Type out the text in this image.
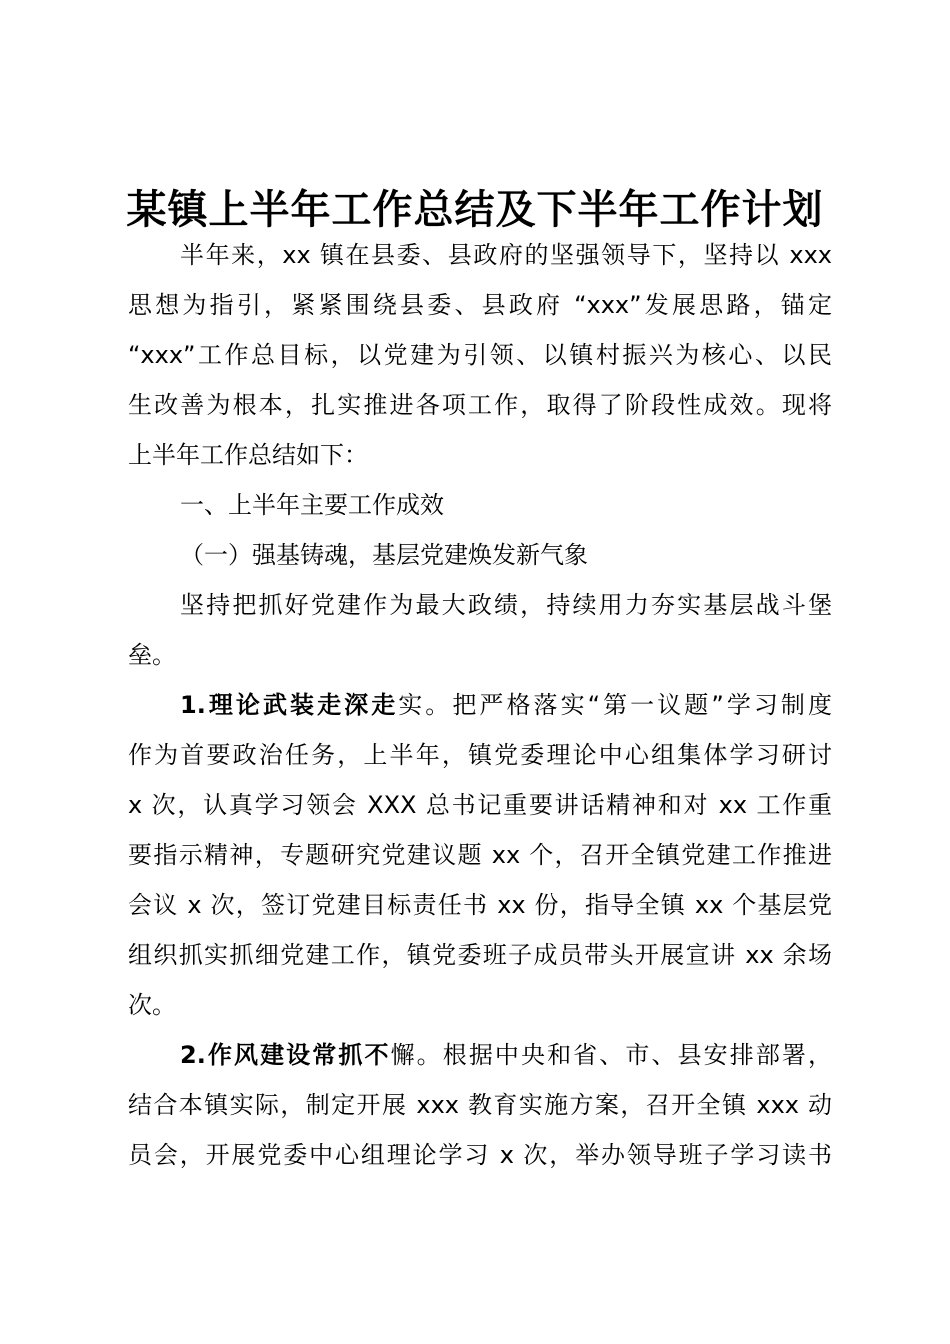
某镇上半年工作总结及下半年工作计划
半年来，xx 镇在县委、县政府的坚强领导下，坚持以 xxx
思想为指引，紧紧围绕县委、县政府 “xxx”发展思路，锚定
“xxx”工作总目标，以党建为引领、以镇村振兴为核心、以民
生改善为根本，扎实推进各项工作，取得了阶段性成效。现将
上半年工作总结如下：
一、上半年主要工作成效
（一）强基铸魂，基层党建焕发新气象
坚持把抓好党建作为最大政绩，持续用力夯实基层战斗堡
垒。
1.理论武装走深走实。把严格落实“第一议题”学习制度
作为首要政治任务，上半年，镇党委理论中心组集体学习研讨
x 次，认真学习领会 XXX 总书记重要讲话精神和对 xx 工作重
要指示精神，专题研究党建议题 xx 个，召开全镇党建工作推进
会议 x 次，签订党建目标责任书 xx 份，指导全镇 xx 个基层党
组织抓实抓细党建工作，镇党委班子成员带头开展宣讲 xx 余场
次。
2.作风建设常抓不懈。根据中央和省、市、县安排部署，
结合本镇实际，制定开展 xxx 教育实施方案，召开全镇 xxx 动
员会，开展党委中心组理论学习 x 次，举办领导班子学习读书
